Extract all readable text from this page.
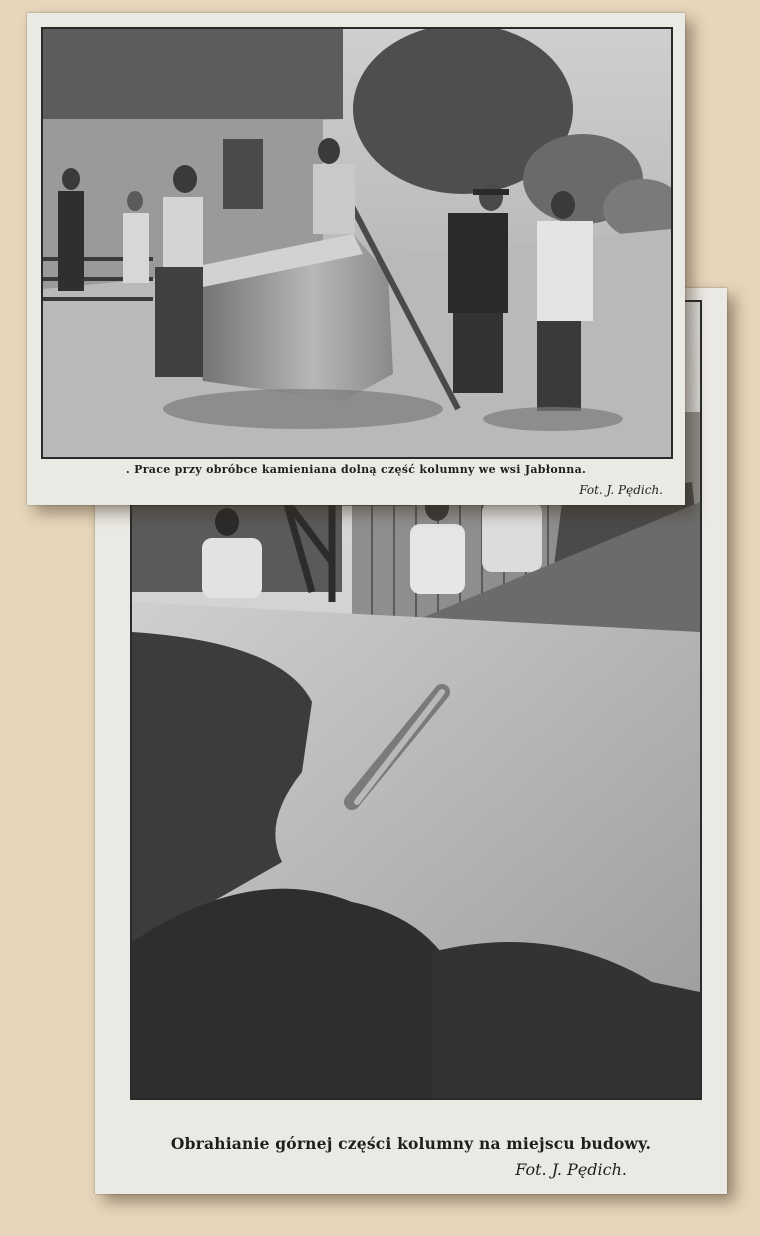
Obrahianie górnej części kolumny na miejscu budowy.
Fot. J. Pędich.
. Prace przy obróbce kamieniana dolną część kolumny we wsi Jabłonna.
Fot. J. Pędich.
